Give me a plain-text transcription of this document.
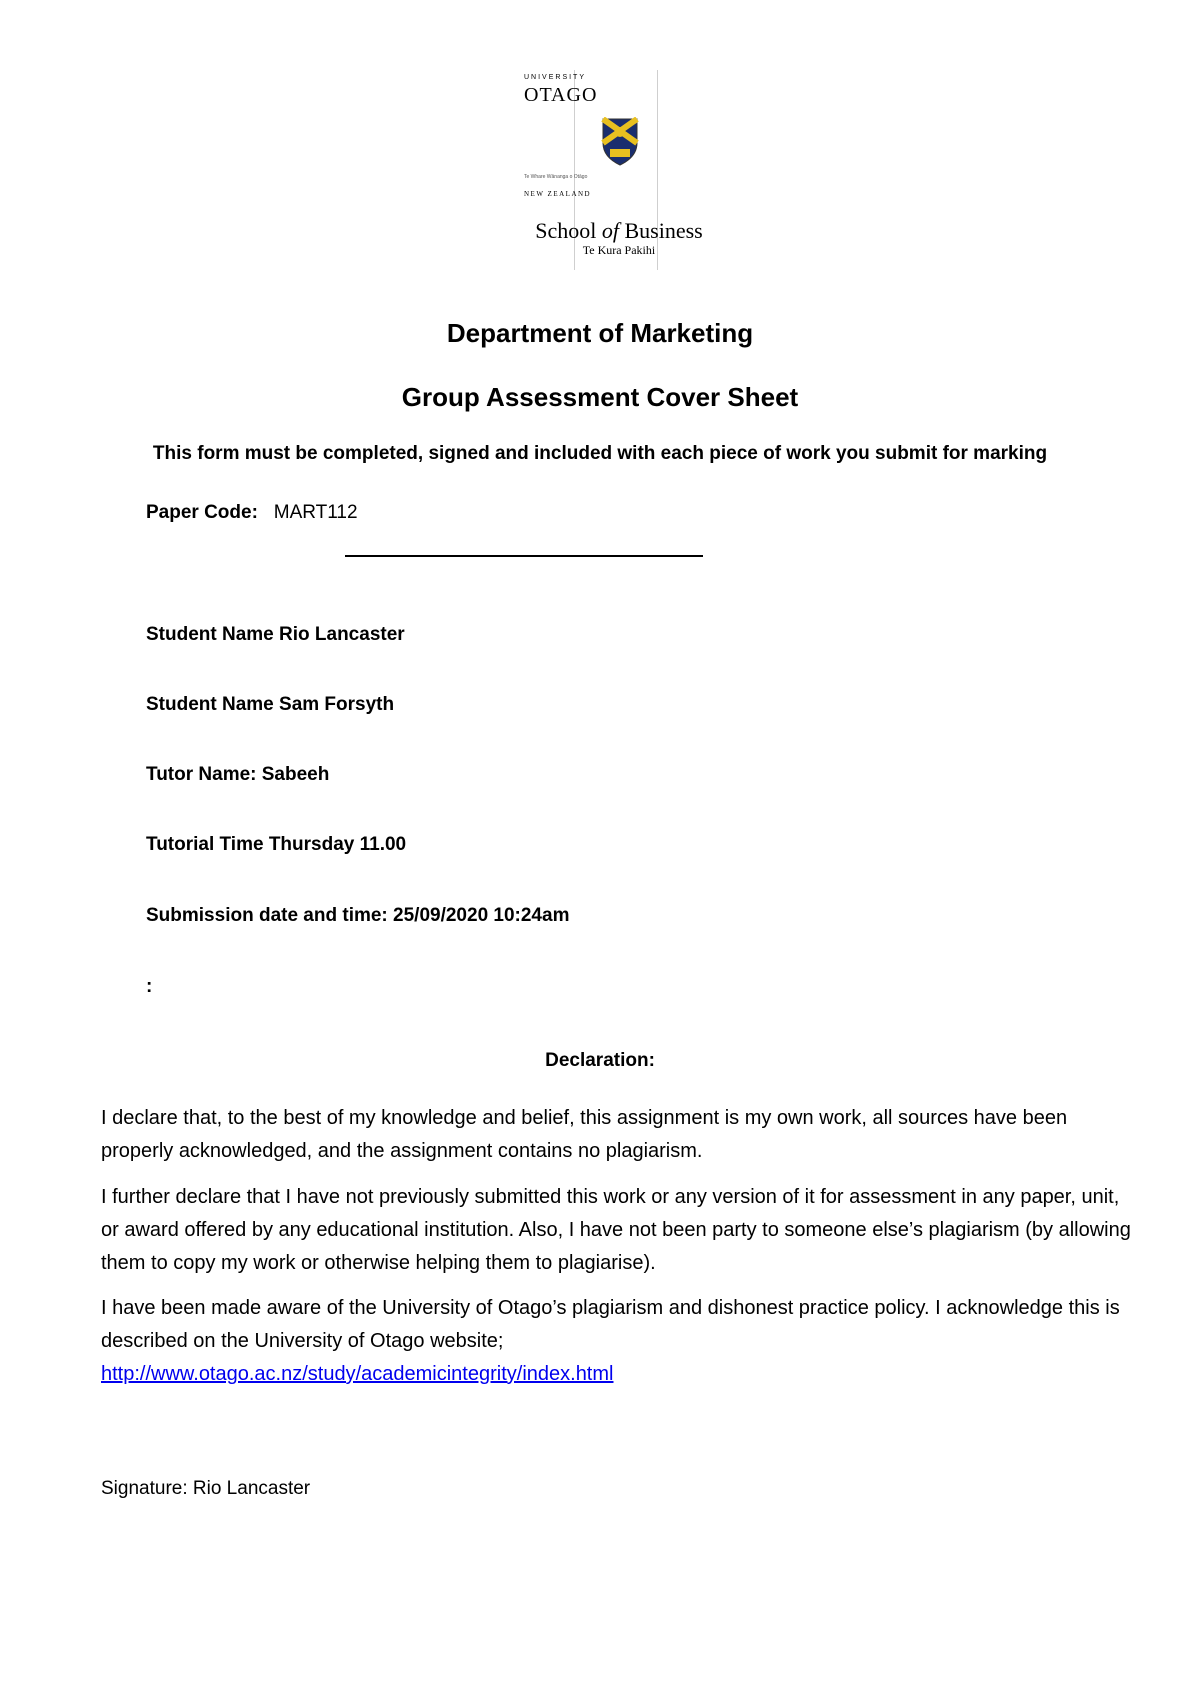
UNIVERSITY
OTAGO
Te Whare Wānanga o Otāgo
NEW ZEALAND
School of Business
Te Kura Pakihi
Department of Marketing
Group Assessment Cover Sheet
This form must be completed, signed and included with each piece of work you submit for marking
Paper Code: MART112
Student Name Rio Lancaster
Student Name Sam Forsyth
Tutor Name: Sabeeh
Tutorial Time Thursday 11.00
Submission date and time: 25/09/2020 10:24am
:
Declaration:
I declare that, to the best of my knowledge and belief, this assignment is my own work, all sources have been properly acknowledged, and the assignment contains no plagiarism.
I further declare that I have not previously submitted this work or any version of it for assessment in any paper, unit, or award offered by any educational institution. Also, I have not been party to someone else’s plagiarism (by allowing them to copy my work or otherwise helping them to plagiarise).
I have been made aware of the University of Otago’s plagiarism and dishonest practice policy. I acknowledge this is described on the University of Otago website;
http://www.otago.ac.nz/study/academicintegrity/index.html
Signature: Rio Lancaster
